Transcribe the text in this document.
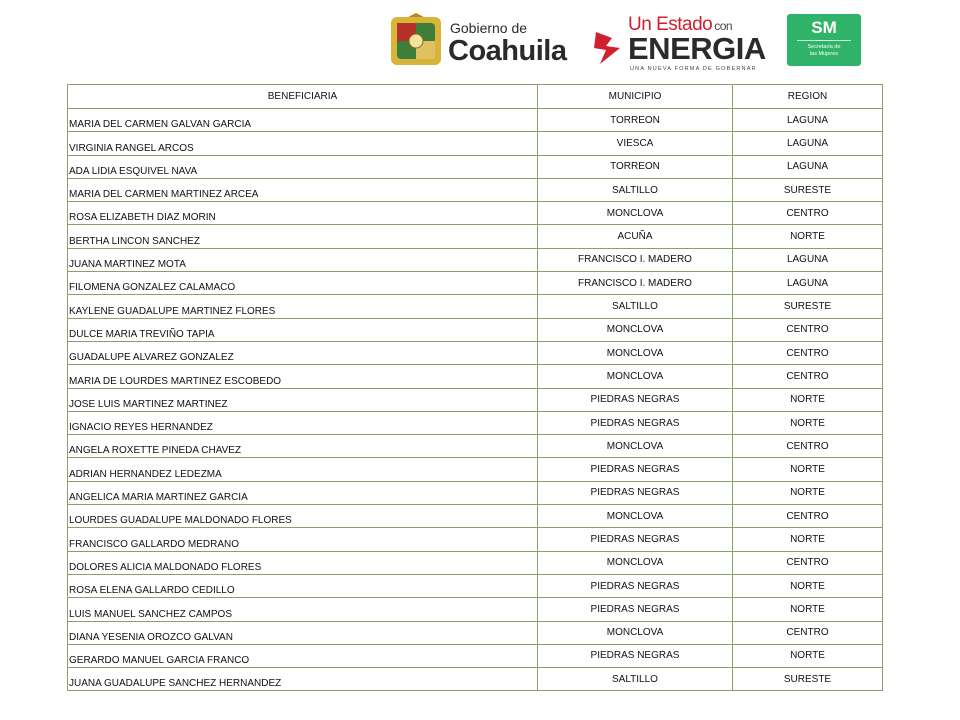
Gobierno de
Coahuila
Un Estado con
ENERGIA
UNA NUEVA FORMA DE GOBERNAR
SM
Secretaría de
las Mujeres
BENEFICIARIA	MUNICIPIO	REGION
MARIA DEL CARMEN GALVAN GARCIA	TORREON	LAGUNA
VIRGINIA RANGEL ARCOS	VIESCA	LAGUNA
ADA LIDIA ESQUIVEL NAVA	TORREON	LAGUNA
MARIA DEL CARMEN MARTINEZ ARCEA	SALTILLO	SURESTE
ROSA ELIZABETH DIAZ MORIN	MONCLOVA	CENTRO
BERTHA LINCON SANCHEZ	ACUÑA	NORTE
JUANA MARTINEZ MOTA	FRANCISCO I. MADERO	LAGUNA
FILOMENA GONZALEZ CALAMACO	FRANCISCO I. MADERO	LAGUNA
KAYLENE GUADALUPE MARTINEZ FLORES	SALTILLO	SURESTE
DULCE MARIA TREVIÑO TAPIA	MONCLOVA	CENTRO
GUADALUPE ALVAREZ GONZALEZ	MONCLOVA	CENTRO
MARIA DE LOURDES MARTINEZ ESCOBEDO	MONCLOVA	CENTRO
JOSE LUIS MARTINEZ MARTINEZ	PIEDRAS NEGRAS	NORTE
IGNACIO REYES HERNANDEZ	PIEDRAS NEGRAS	NORTE
ANGELA ROXETTE PINEDA CHAVEZ	MONCLOVA	CENTRO
ADRIAN HERNANDEZ LEDEZMA	PIEDRAS NEGRAS	NORTE
ANGELICA MARIA MARTINEZ GARCIA	PIEDRAS NEGRAS	NORTE
LOURDES GUADALUPE MALDONADO FLORES	MONCLOVA	CENTRO
FRANCISCO GALLARDO MEDRANO	PIEDRAS NEGRAS	NORTE
DOLORES ALICIA MALDONADO FLORES	MONCLOVA	CENTRO
ROSA ELENA GALLARDO CEDILLO	PIEDRAS NEGRAS	NORTE
LUIS MANUEL SANCHEZ CAMPOS	PIEDRAS NEGRAS	NORTE
DIANA YESENIA OROZCO GALVAN	MONCLOVA	CENTRO
GERARDO MANUEL GARCIA FRANCO	PIEDRAS NEGRAS	NORTE
JUANA GUADALUPE SANCHEZ HERNANDEZ	SALTILLO	SURESTE
